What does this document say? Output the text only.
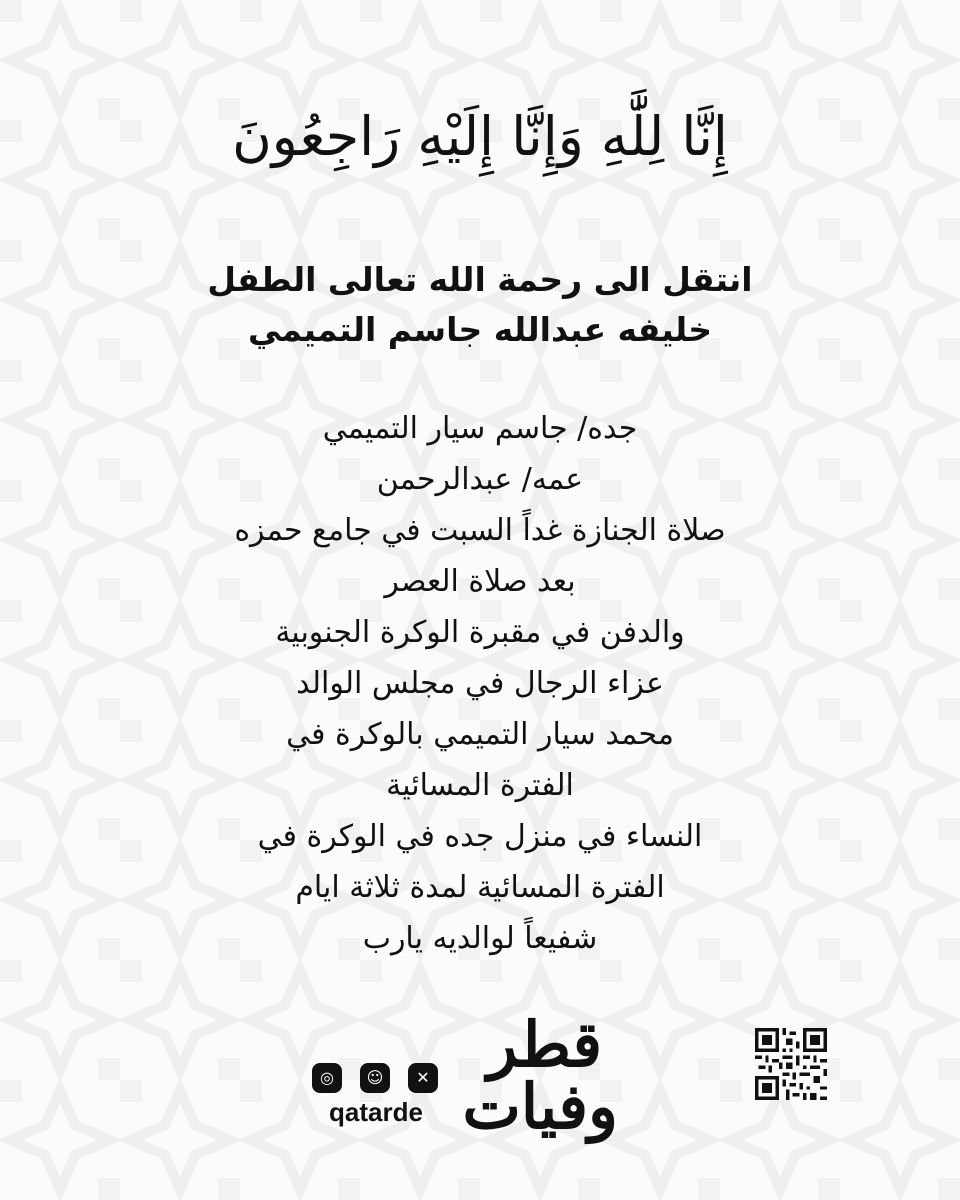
إِنَّا لِلَّٰهِ وَإِنَّا إِلَيْهِ رَاجِعُونَ
انتقل الى رحمة الله تعالى الطفل
خليفه عبدالله جاسم التميمي
جده/ جاسم سيار التميمي
عمه/ عبدالرحمن
صلاة الجنازة غداً السبت في جامع حمزه
بعد صلاة العصر
والدفن في مقبرة الوكرة الجنوبية
عزاء الرجال في مجلس الوالد
محمد سيار التميمي بالوكرة في
الفترة المسائية
النساء في منزل جده في الوكرة في
الفترة المسائية لمدة ثلاثة ايام
شفيعاً لوالديه يارب
◎	☺	✕
qatarde
قطر
وفيات
